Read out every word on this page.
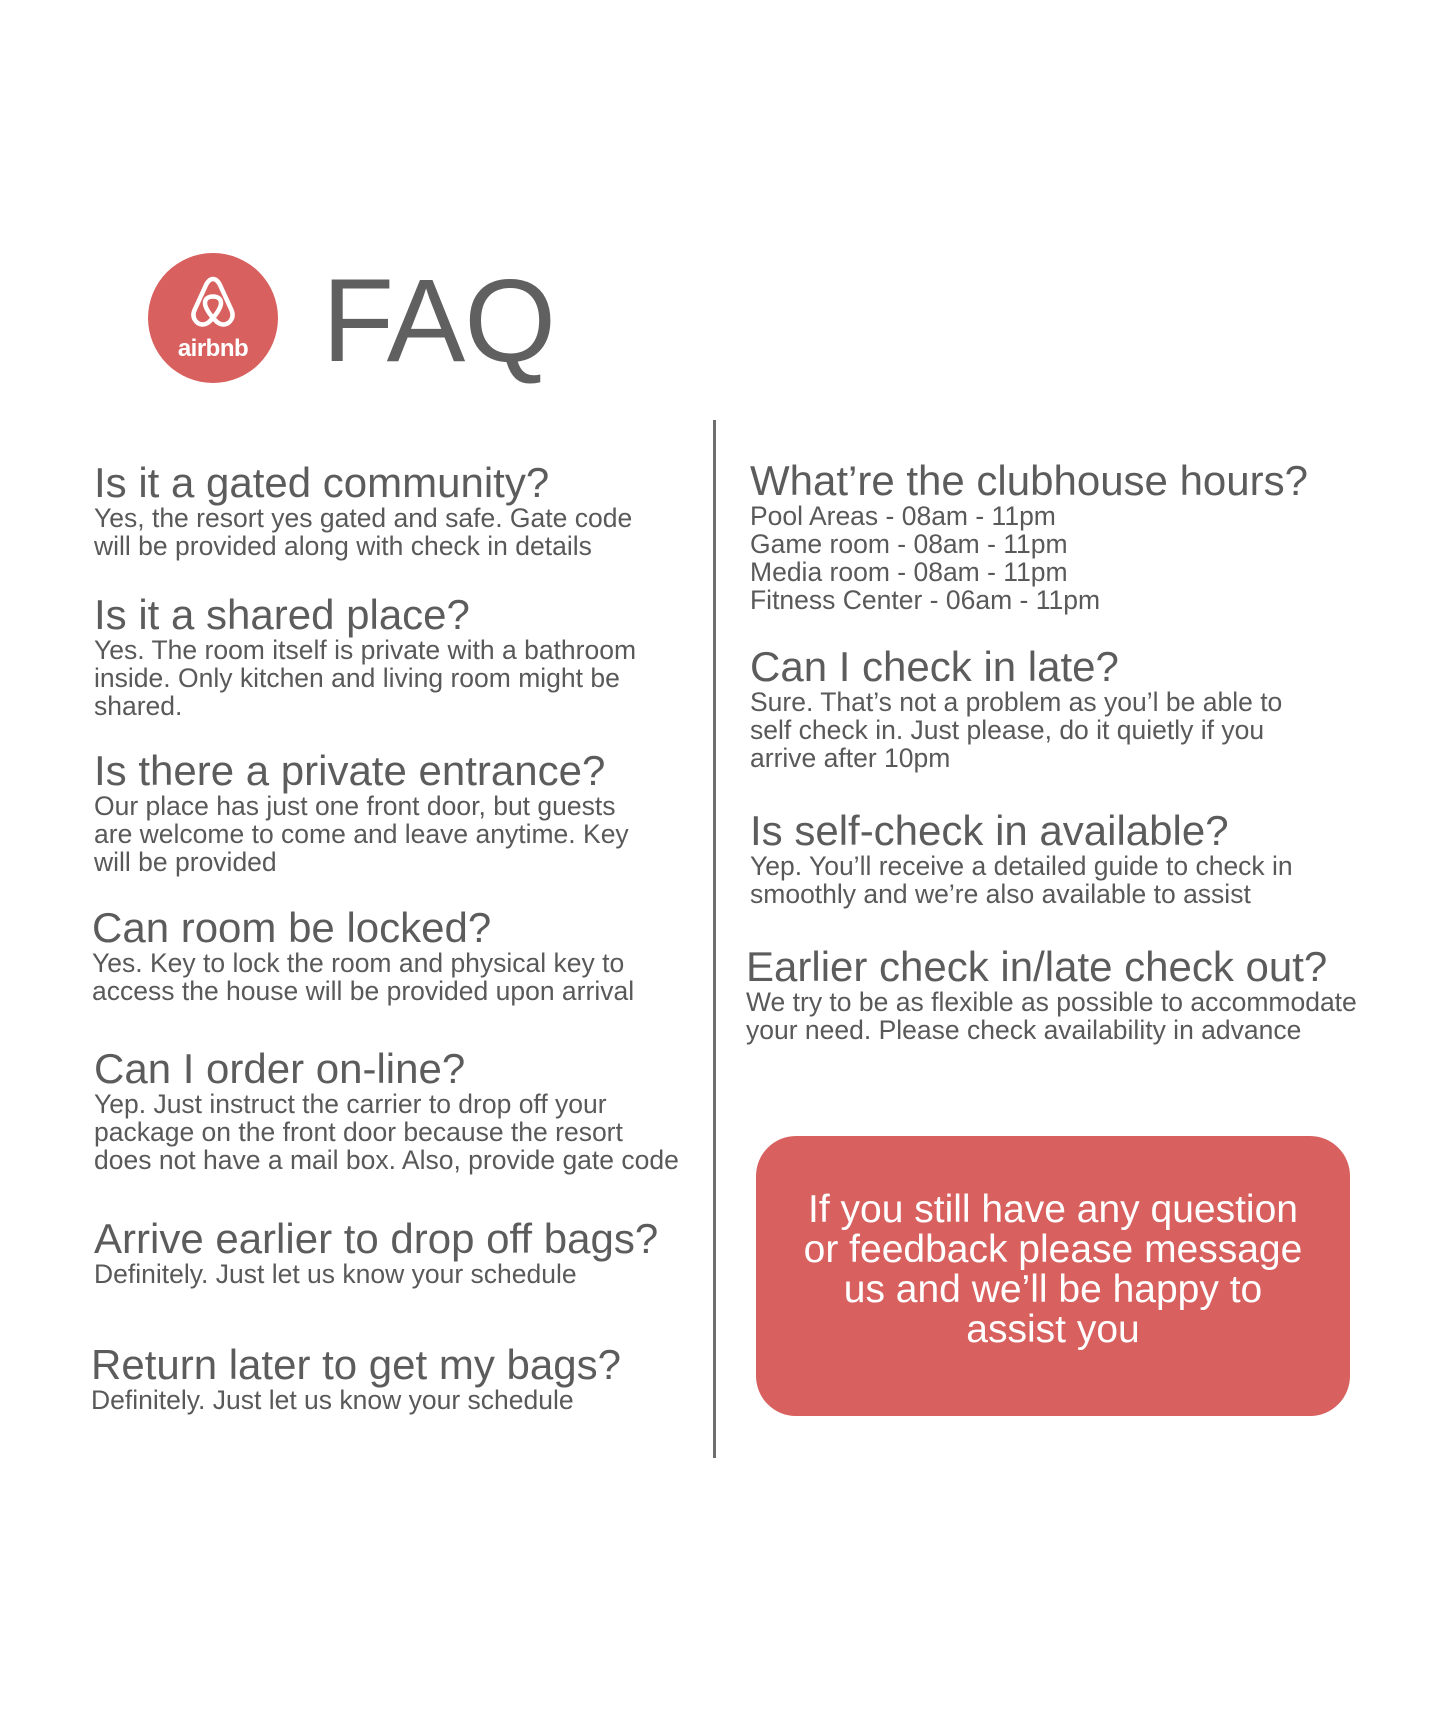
airbnb FAQ
Is it a gated community?
Yes, the resort yes gated and safe. Gate code
will be provided along with check in details
Is it a shared place?
Yes. The room itself is private with a bathroom
inside. Only kitchen and living room might be
shared.
Is there a private entrance?
Our place has just one front door, but guests
are welcome to come and leave anytime. Key
will be provided
Can room be locked?
Yes. Key to lock the room and physical key to
access the house will be provided upon arrival
Can I order on-line?
Yep. Just instruct the carrier to drop off your
package on the front door because the resort
does not have a mail box. Also, provide gate code
Arrive earlier to drop off bags?
Definitely. Just let us know your schedule
Return later to get my bags?
Definitely. Just let us know your schedule
What’re the clubhouse hours?
Pool Areas - 08am - 11pm
Game room - 08am - 11pm
Media room - 08am - 11pm
Fitness Center - 06am - 11pm
Can I check in late?
Sure. That’s not a problem as you’l be able to
self check in. Just please, do it quietly if you
arrive after 10pm
Is self-check in available?
Yep. You’ll receive a detailed guide to check in
smoothly and we’re also available to assist
Earlier check in/late check out?
We try to be as flexible as possible to accommodate
your need. Please check availability in advance
If you still have any question
or feedback please message
us and we’ll be happy to
assist you
